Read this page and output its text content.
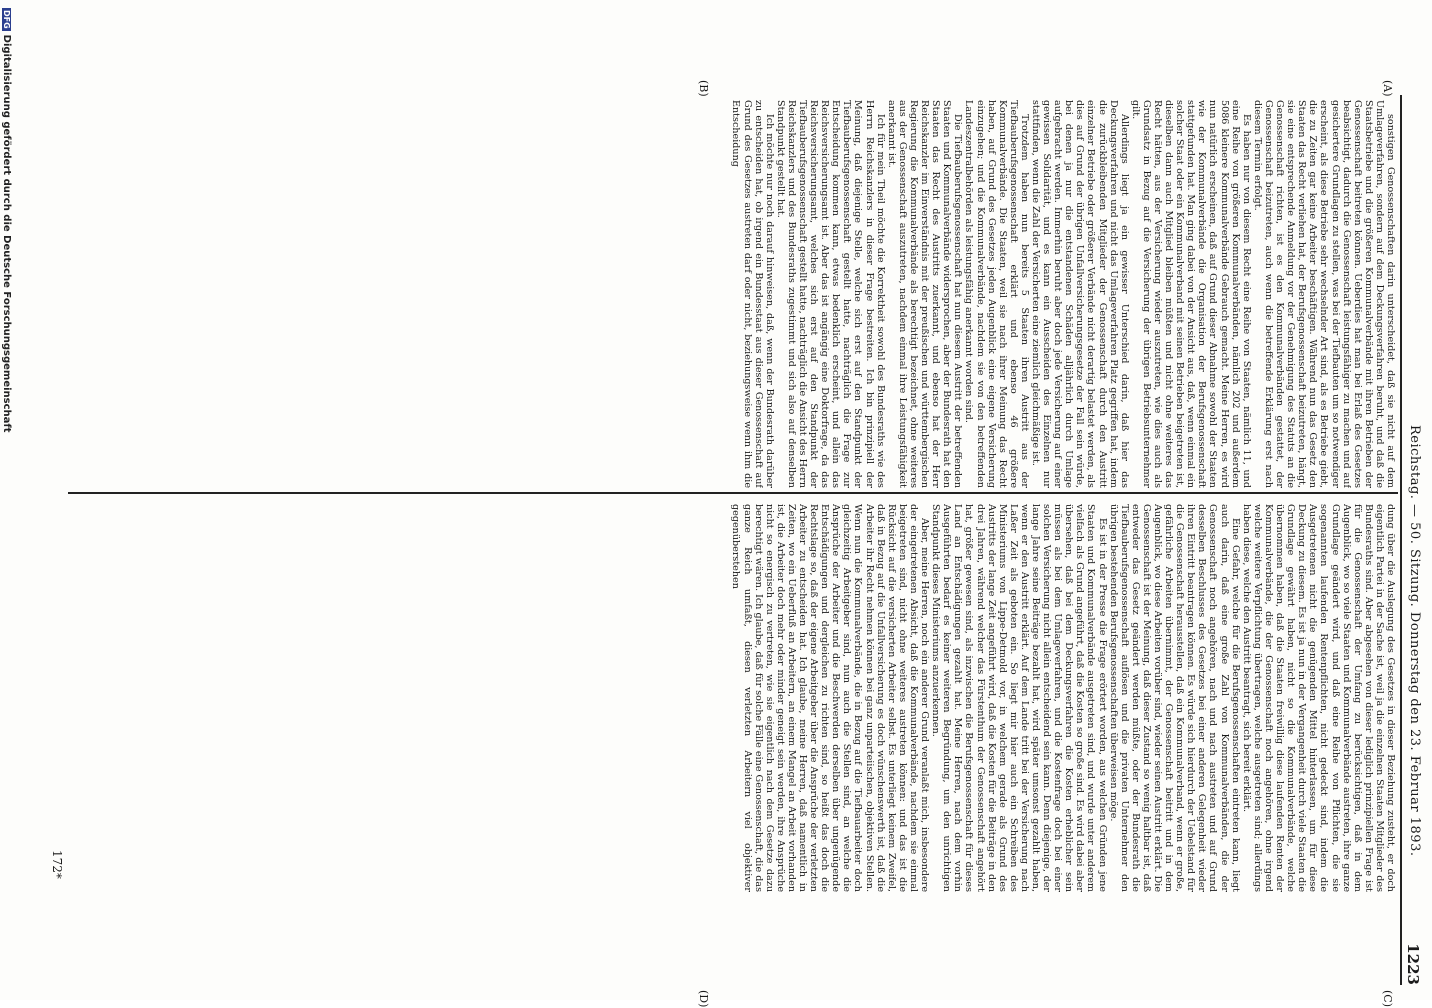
Reichstag. — 50. Sitzung. Donnerstag den 23. Februar 1893.
1223
(A)
(B)
(C)
(D)

sonstigen Genossenschaften darin unterscheidet, daß sie nicht auf dem Umlageverfahren, sondern auf dem Deckungsverfahren beruht, und daß die Staatsbetriebe und die größeren Kommunalverbände mit ihren Betrieben der Genossenschaft beitreten können. Ueberdies hat man bei Erlaß des Gesetzes beabsichtigt, dadurch die Genossenschaft leistungsfähiger zu machen und auf gesichertere Grundlagen zu stellen, was bei der Tiefbauten um so notwendiger erscheint, als diese Betriebe sehr wechselnder Art sind, als es Betriebe giebt, die zu Zeiten gar keine Arbeiter beschäftigen. Während nun das Gesetz den Staaten das Recht verliehen hat, der Berufsgenossenschaft beizutreten, hängt, sie eine entsprechende Anmeldung vor der Genehmigung des Statuts an die Genossenschaft richten, ist es den Kommunalverbänden gestattet, der Genossenschaft beizutreten, auch wenn die betreffende Erklärung erst nach diesem Termin erfolgt.

Es haben nur von diesem Recht eine Reihe von Staaten, nämlich 11, und eine Reihe von größeren Kommunalverbänden, nämlich 202 und außerdem 5086 kleinere Kommunalverbände Gebrauch gemacht. Meine Herren, es wird nun natürlich erscheinen, daß auf Grund dieser Abnahme sowohl der Staaten wie der Kommunalverbände die Organisation der Berufsgenossenschaft stattgefunden hat. Man ging dabei von der Ansicht aus, daß, wenn einmal ein solcher Staat oder ein Kommunalverband mit seinen Betrieben beigetreten ist, dieselben dann auch Mitglied bleiben müßten und nicht ohne weiteres das Recht hätten, aus der Versicherung wieder auszutreten, wie dies auch als Grundsatz in Bezug auf die Versicherung der übrigen Betriebsunternehmer gilt.

Allerdings liegt ja ein gewisser Unterschied darin, daß hier das Deckungsverfahren und nicht das Umlageverfahren Platz gegriffen hat, indem die zurückbleibenden Mitglieder der Genossenschaft durch den Austritt einzelner Betriebe oder größerer Verbände nicht derartig belastet werden, als dies auf Grund der übrigen Unfallversicherungsgesetze der Fall sein würde, bei denen ja nur die entstandenen Schäden alljährlich durch Umlage aufgebracht werden. Immerhin beruht aber doch jede Versicherung auf einer gewissen Solidarität, und es kann ein Ausscheiden des Einzelnen nur stattfinden, wenn die Zahl der Versicherten eine ziemlich gleichmäßige ist.

Trotzdem haben nun bereits 5 Staaten ihren Austritt aus der Tiefbauberufsgenossenschaft erklärt und ebenso 46 größere Kommunalverbände. Die Staaten, weil sie nach ihrer Meinung das Recht haben, auf Grund des Gesetzes jeden Augenblick eine eigene Versicherung einzugehen; und die Kommunalverbände, nachdem sie von den betreffenden Landeszentralbehörden als leistungsfähig anerkannt worden sind.

Die Tiefbauberufsgenossenschaft hat nun diesem Austritt der betreffenden Staaten und Kommunalverbände widersprochen, aber der Bundesrath hat den Staaten das Recht des Austritts zuerkannt, und ebenso hat der Herr Reichskanzler im Einverständnis mit der preußischen und württembergischen Regierung die Kommunalverbände als berechtigt bezeichnet, ohne weiteres aus der Genossenschaft auszutreten, nachdem einmal ihre Leistungsfähigkeit anerkannt ist.

Ich für mein Theil möchte die Korrektheit sowohl des Bundesraths wie des Herrn Reichskanzlers in dieser Frage bestreiten. Ich bin prinzipiell der Meinung, daß diejenige Stelle, welche sich erst auf den Standpunkt der Tiefbauberufsgenossenschaft gestellt hatte, nachträglich die Frage zur Entscheidung kommen kann, etwas bedenklich erscheint, und allein das Reichsversicherungsamt ist. Aber das ist angängig eine Doktorfrage, da das Reichsversicherungsamt, welches sich erst auf den Standpunkt der Tiefbauberufsgenossenschaft gestellt hatte, nachträglich die Ansicht des Herrn Reichskanzlers und des Bundesraths zugestimmt und sich also auf denselben Standpunkt gestellt hat.

Ich möchte nur noch darauf hinweisen, daß, wenn der Bundesrath darüber zu entscheiden hat, ob irgend ein Bundesstaat aus dieser Genossenschaft auf Grund des Gesetzes austreten darf oder nicht, beziehungsweise wenn ihm die Entscheidung

dung über die Auslegung des Gesetzes in dieser Beziehung zusteht, er doch eigentlich Partei in der Sache ist, weil ja die einzelnen Staaten Mitglieder des Bundesraths sind. Aber abgesehen von dieser lediglich prinzipiellen Frage ist für die Genossenschaft der Umfang zu berücksichtigen, daß in dem Augenblick, wo so viele Staaten und Kommunalverbände austreten, ihre ganze Grundlage geändert wird, und daß eine Reihe von Pflichten, die sie sogenannten laufenden Rentenpflichten, nicht gedeckt sind, indem die Ausgetretenen nicht die genügenden Mittel hinterlassen, um für diese Deckung zu diesem. Es ist ja nun in der Vergangenheit durch viele Staaten die Grundlage gewährt haben, nicht so die Kommunalverbände, welche übernommen haben, daß die Staaten freiwillig diese laufenden Renten der Kommunalverbände, die der Genossenschaft noch angehören, ohne irgend welche weitere Verpflichtung übertragen, welche ausgetreten sind; allerdings haben diese, welche den Austritt beantragt, sich bereit erklärt.

Eine Gefahr, welche für die Berufsgenossenschaften eintreten kann, liegt auch darin, daß eine große Zahl von Kommunalverbänden, die der Genossenschaft noch angehören, nach und nach austreten und auf Grund desselben Beschlusses des Gesetzes bei einer anderen Gelegenheit wieder ihren Eintritt beantragen können. Es würde sich hierdurch der Uebelstand für die Genossenschaft herausstellen, daß ein Kommunalverband, wenn er große, gefährliche Arbeiten übernimmt, der Genossenschaft beitritt und in dem Augenblick, wo diese Arbeiten vorüber sind, wieder seinen Austritt erklärt. Die Genossenschaft ist der Meinung, daß dieser Zustand so wenig haltbar ist, daß entweder das Gesetz geändert werden müßte, oder der Bundesrath die Tiefbauberufsgenossenschaft auflösen und die privaten Unternehmer den übrigen bestehenden Berufsgenossenschaften überweisen möge.

Es ist in der Presse die Frage erörtert worden, aus welchen Gründen jene Staaten und Kommunalverbände ausgetreten sind, und wurde unter anderem vielfach als Grund angeführt, daß die Kosten so große sind. Es wird dabei aber übersehen, daß bei dem Deckungsverfahren die Kosten erheblicher sein müssen als bei dem Umlageverfahren, und die Kostenfrage doch bei einer solchen Versicherung nicht allein entscheidend sein kann. Denn diejenige, der lange Jahre seine Beiträge bezahlt hat, wird später umsonst gezahlt haben, wenn er den Austritt erklärt. Auf dem Lande tritt bei der Versicherung nach Laßer Zeit als geboten ein. So liegt mir hier auch ein Schreiben des Ministeriums von Lippe-Detmold vor, in welchem gerade als Grund des Austritts der lange Zeit angeführt wird, daß die Kosten für die Beiträge in den drei Jahren, während welcher das Fürstenthum der Genossenschaft angehört hat, größer gewesen sind, als inzwischen die Berufsgenossenschaft für dieses Land an Entschädigungen gezahlt hat. Meine Herren, nach dem vorhin Ausgeführten bedarf es keiner weiteren Begründung, um den unrichtigen Standpunkt dieses Ministeriums anzuerkennen.

Aber, meine Herren, noch ein anderer Grund veranlaßt mich, insbesondere der eingetretenen Absicht, daß die Kommunalverbände, nachdem sie einmal beigetreten sind, nicht ohne weiteres austreten können: und das ist die Rücksicht auf die versicherten Arbeiter selbst. Es unterliegt keinem Zweifel, daß in Bezug auf die Unfallversicherung es doch wünschenswerth ist, daß die Arbeiter ihr Recht nehmen können bei ganz unparteiischen, objektiven Stellen. Wenn nun die Kommunalverbände, die in Bezug auf die Tiefbauarbeiter doch gleichzeitig Arbeitgeber sind, nun auch die Stellen sind, an welche die Ansprüche der Arbeiter und die Beschwerden derselben über ungenügende Entschädigungen und dergleichen zu richten sind, so heißt das doch die Rechtslage so, daß der eigene Arbeitgeber über die Ansprüche der verletzten Arbeiter zu entscheiden hat. Ich glaube, meine Herren, daß namentlich in Zeiten, wo ein Ueberfluß an Arbeitern, an einem Mangel an Arbeit vorhanden ist, die Arbeiter doch mehr oder minder geneigt sein werden, ihre Ansprüche nicht so energisch zu vertreten, wie sie eigentlich nach dem Gesetze dazu berechtigt wären. Ich glaube, daß für solche Fälle eine Genossenschaft, die das ganze Reich umfaßt, diesen verletzten Arbeitern viel objektiver gegenüberstehen

172*
DFGDigitalisierung gefördert durch die Deutsche Forschungsgemeinschaft
